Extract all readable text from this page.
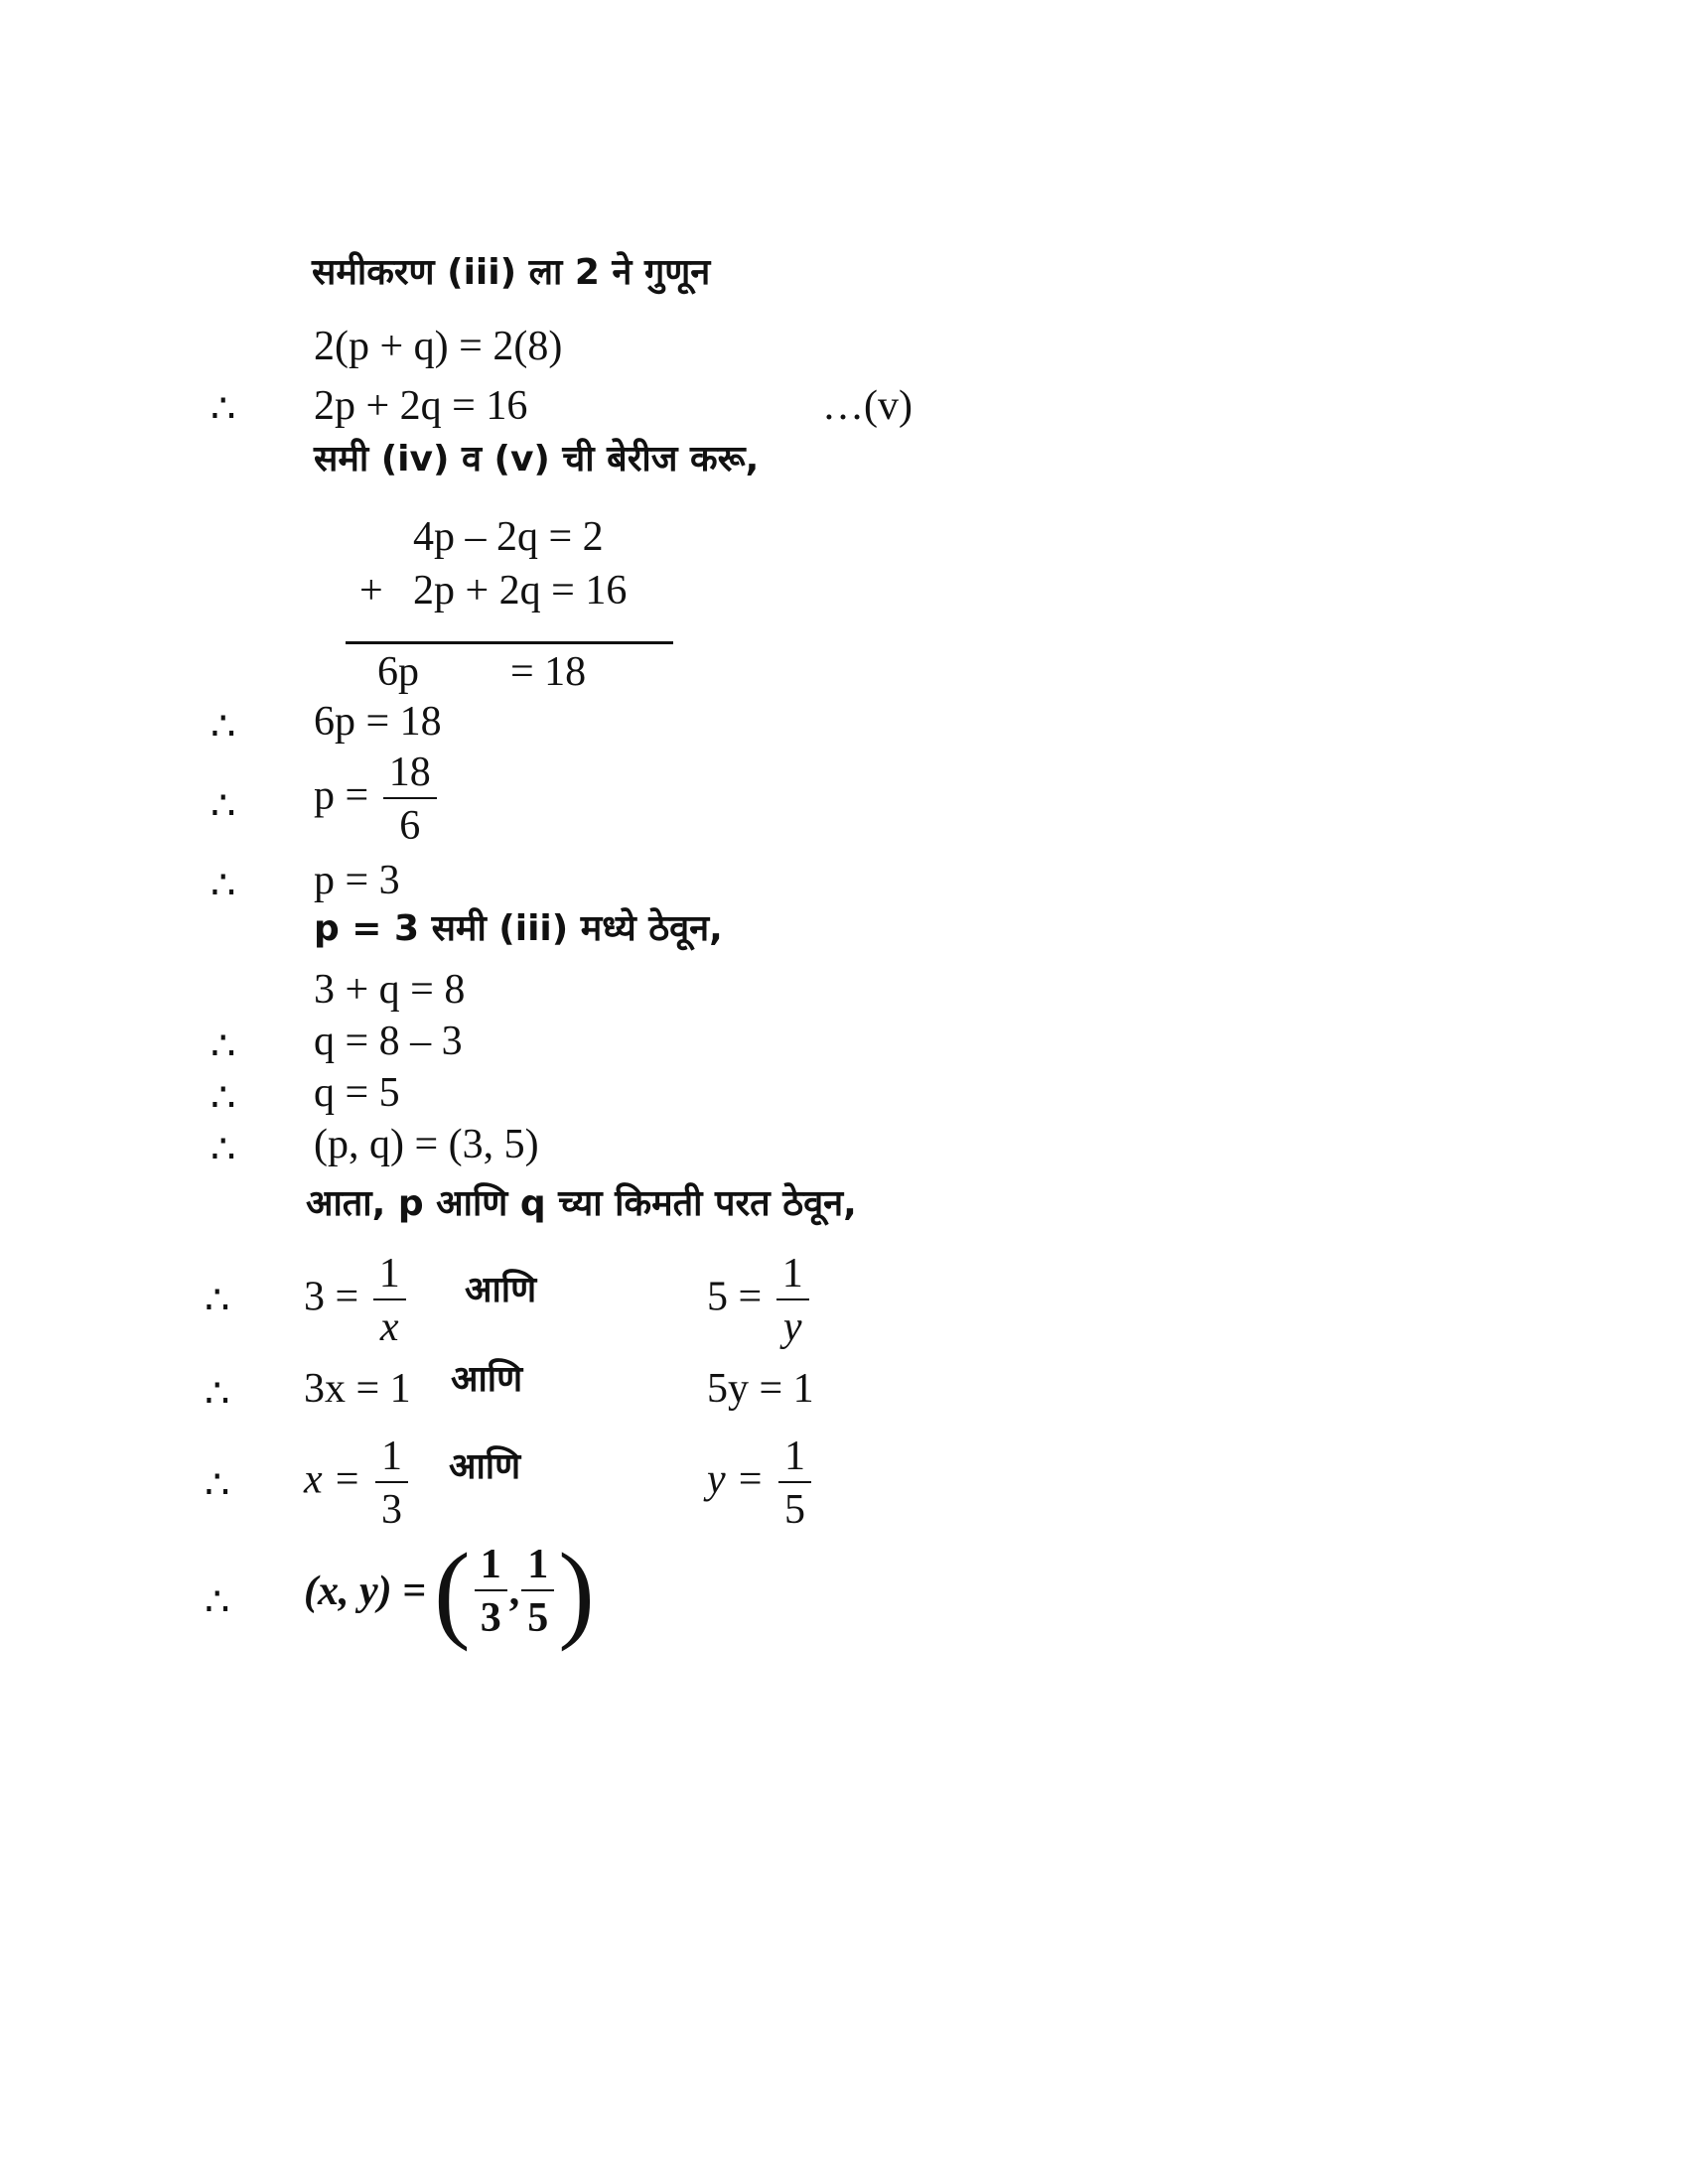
समीकरण (iii) ला 2 ने गुणून
2(p + q) = 2(8)
∴ 2p + 2q = 16	…(v)
समी (iv) व (v) ची बेरीज करू,
4p – 2q = 2
+ 2p + 2q = 16
6p = 18
∴ 6p = 18
∴ $p = \frac{18}{6}$
∴ p = 3
p = 3 समी (iii) मध्ये ठेवून,
3 + q = 8
∴ q = 8 – 3
∴ q = 5
∴ (p, q) = (3, 5)
आता, p आणि q च्या किमती परत ठेवून,
∴ $3 = \frac{1}{x}$ आणि	$5 = \frac{1}{y}$
∴ 3x = 1 आणि	5y = 1
∴ $x = \frac{1}{3}$ आणि	$y = \frac{1}{5}$
∴ (x, y) = ( $\frac{1}{3}$ , $\frac{1}{5}$ )
